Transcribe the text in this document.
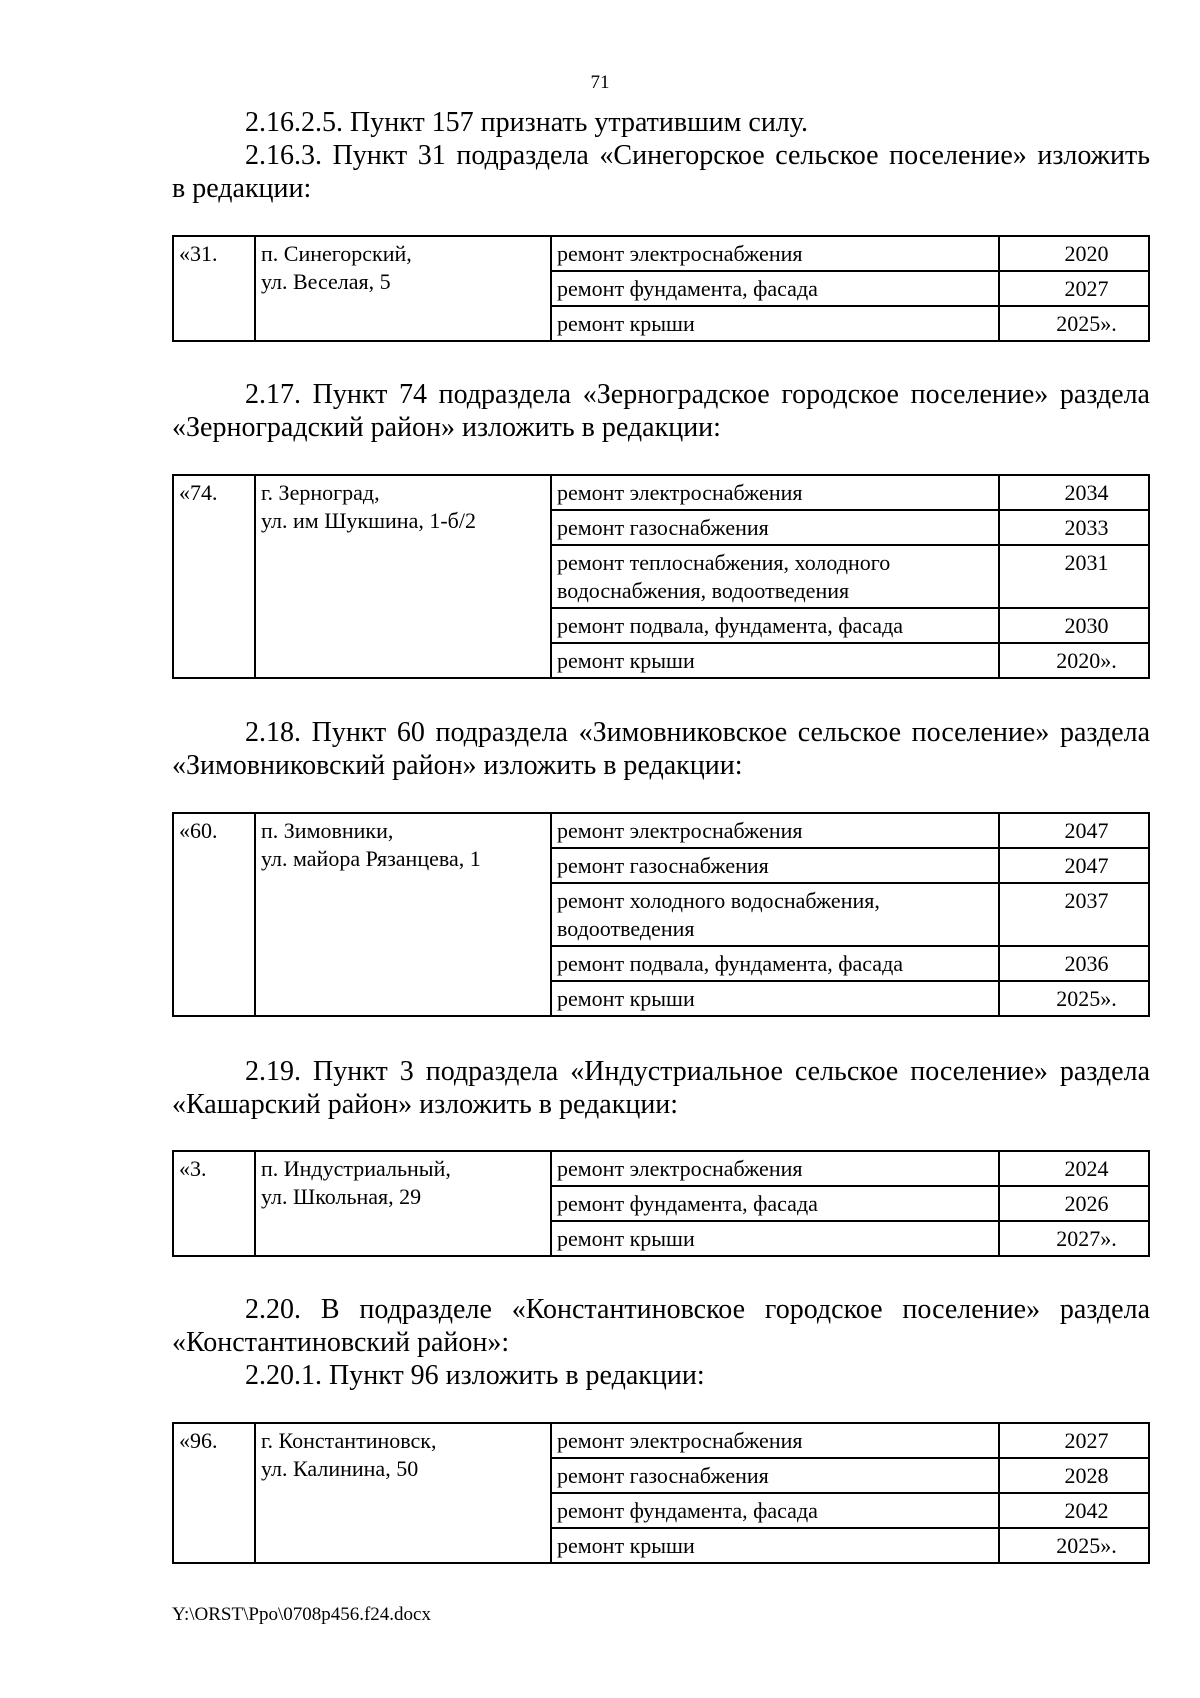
71
2.16.2.5. Пункт 157 признать утратившим силу.
2.16.3. Пункт 31 подраздела «Синегорское сельское поселение» изложить
в редакции:
«31.	п. Синегорский,
ул. Веселая, 5	ремонт электроснабжения	2020
		ремонт фундамента, фасада	2027
		ремонт крыши	2025».
2.17. Пункт 74 подраздела «Зерноградское городское поселение» раздела
«Зерноградский район» изложить в редакции:
«74.	г. Зерноград,
ул. им Шукшина, 1-б/2	ремонт электроснабжения	2034
		ремонт газоснабжения	2033
		ремонт теплоснабжения, холодного водоснабжения, водоотведения	2031
		ремонт подвала, фундамента, фасада	2030
		ремонт крыши	2020».
2.18. Пункт 60 подраздела «Зимовниковское сельское поселение» раздела
«Зимовниковский район» изложить в редакции:
«60.	п. Зимовники,
ул. майора Рязанцева, 1	ремонт электроснабжения	2047
		ремонт газоснабжения	2047
		ремонт холодного водоснабжения, водоотведения	2037
		ремонт подвала, фундамента, фасада	2036
		ремонт крыши	2025».
2.19. Пункт 3 подраздела «Индустриальное сельское поселение» раздела
«Кашарский район» изложить в редакции:
«3.	п. Индустриальный,
ул. Школьная, 29	ремонт электроснабжения	2024
		ремонт фундамента, фасада	2026
		ремонт крыши	2027».
2.20. В подразделе «Константиновское городское поселение» раздела
«Константиновский район»:
2.20.1. Пункт 96 изложить в редакции:
«96.	г. Константиновск,
ул. Калинина, 50	ремонт электроснабжения	2027
		ремонт газоснабжения	2028
		ремонт фундамента, фасада	2042
		ремонт крыши	2025».
Y:\ORST\Ppo\0708p456.f24.docx
